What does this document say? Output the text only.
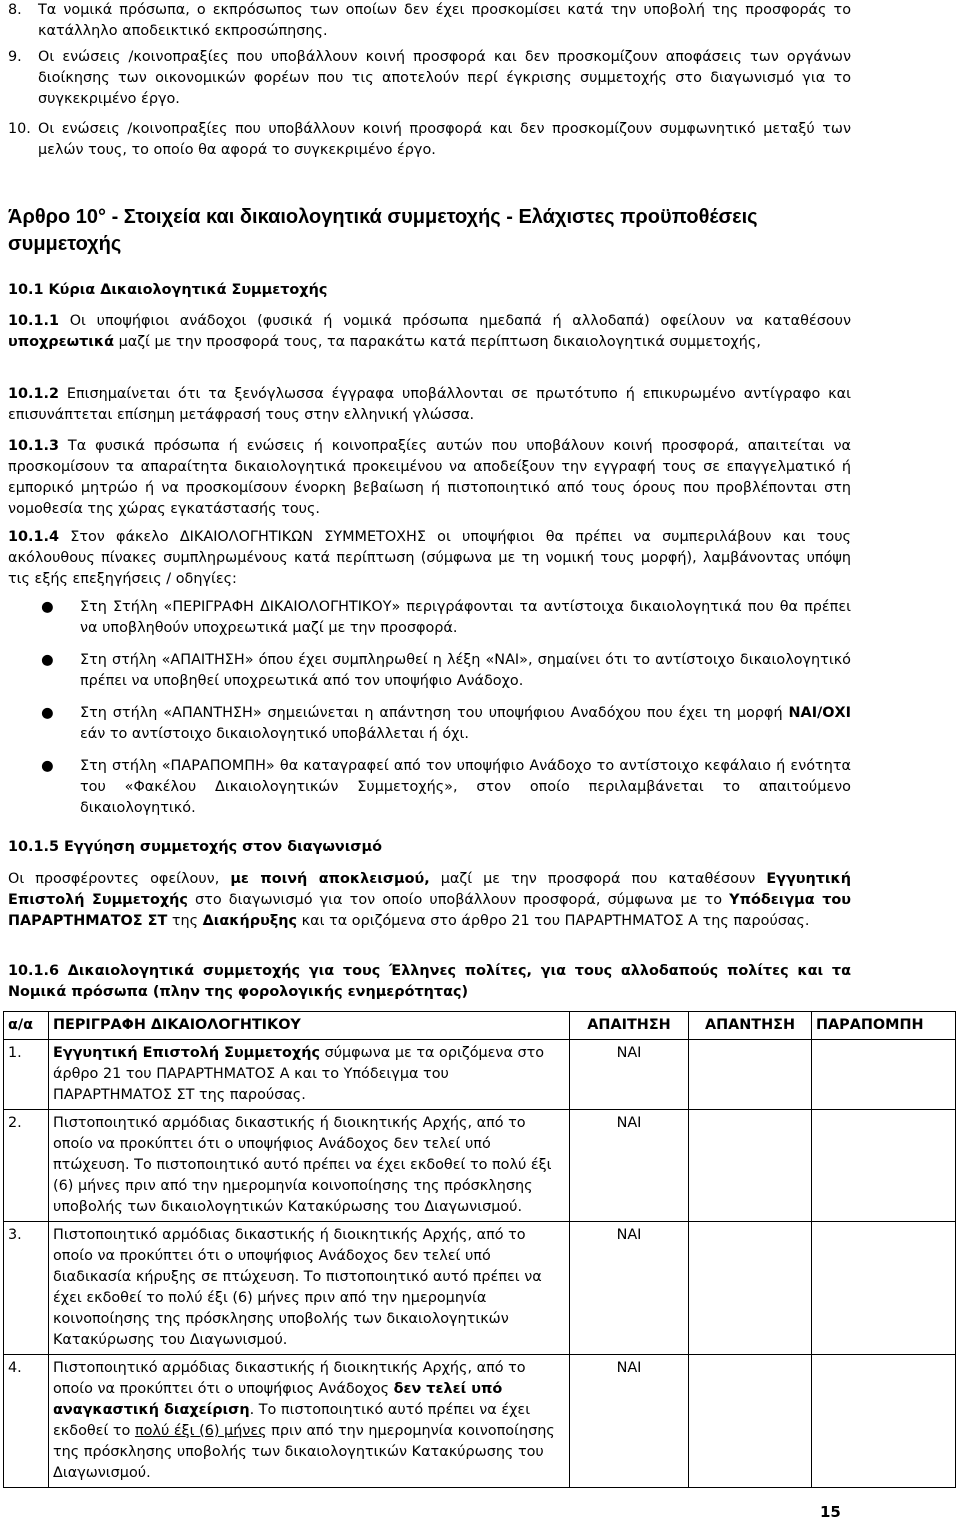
8. Τα νομικά πρόσωπα, ο εκπρόσωπος των οποίων δεν έχει προσκομίσει κατά την υποβολή της προσφοράς το κατάλληλο αποδεικτικό εκπροσώπησης.

9. Οι ενώσεις /κοινοπραξίες που υποβάλλουν κοινή προσφορά και δεν προσκομίζουν αποφάσεις των οργάνων διοίκησης των οικονομικών φορέων που τις αποτελούν περί έγκρισης συμμετοχής στο διαγωνισμό για το συγκεκριμένο έργο.

10. Οι ενώσεις /κοινοπραξίες που υποβάλλουν κοινή προσφορά και δεν προσκομίζουν συμφωνητικό μεταξύ των μελών τους, το οποίο θα αφορά το συγκεκριμένο έργο.

Άρθρο 10° - Στοιχεία και δικαιολογητικά συμμετοχής - Ελάχιστες προϋποθέσεις συμμετοχής

10.1 Κύρια Δικαιολογητικά Συμμετοχής

10.1.1 Οι υποψήφιοι ανάδοχοι (φυσικά ή νομικά πρόσωπα ημεδαπά ή αλλοδαπά) οφείλουν να καταθέσουν υποχρεωτικά μαζί με την προσφορά τους, τα παρακάτω κατά περίπτωση δικαιολογητικά συμμετοχής,

10.1.2 Επισημαίνεται ότι τα ξενόγλωσσα έγγραφα υποβάλλονται σε πρωτότυπο ή επικυρωμένο αντίγραφο και επισυνάπτεται επίσημη μετάφρασή τους στην ελληνική γλώσσα.

10.1.3 Τα φυσικά πρόσωπα ή ενώσεις ή κοινοπραξίες αυτών που υποβάλουν κοινή προσφορά, απαιτείται να προσκομίσουν τα απαραίτητα δικαιολογητικά προκειμένου να αποδείξουν την εγγραφή τους σε επαγγελματικό ή εμπορικό μητρώο ή να προσκομίσουν ένορκη βεβαίωση ή πιστοποιητικό από τους όρους που προβλέπονται στη νομοθεσία της χώρας εγκατάστασής τους.

10.1.4 Στον φάκελο ΔΙΚΑΙΟΛΟΓΗΤΙΚΩΝ ΣΥΜΜΕΤΟΧΗΣ οι υποψήφιοι θα πρέπει να συμπεριλάβουν και τους ακόλουθους πίνακες συμπληρωμένους κατά περίπτωση (σύμφωνα με τη νομική τους μορφή), λαμβάνοντας υπόψη τις εξής επεξηγήσεις / οδηγίες:

● Στη Στήλη «ΠΕΡΙΓΡΑΦΗ ΔΙΚΑΙΟΛΟΓΗΤΙΚΟΥ» περιγράφονται τα αντίστοιχα δικαιολογητικά που θα πρέπει να υποβληθούν υποχρεωτικά μαζί με την προσφορά.
● Στη στήλη «ΑΠΑΙΤΗΣΗ» όπου έχει συμπληρωθεί η λέξη «ΝΑΙ», σημαίνει ότι το αντίστοιχο δικαιολογητικό πρέπει να υποβηθεί υποχρεωτικά από τον υποψήφιο Ανάδοχο.
● Στη στήλη «ΑΠΑΝΤΗΣΗ» σημειώνεται η απάντηση του υποψήφιου Αναδόχου που έχει τη μορφή ΝΑΙ/ΟΧΙ εάν το αντίστοιχο δικαιολογητικό υποβάλλεται ή όχι.
● Στη στήλη «ΠΑΡΑΠΟΜΠΗ» θα καταγραφεί από τον υποψήφιο Ανάδοχο το αντίστοιχο κεφάλαιο ή ενότητα του «Φακέλου Δικαιολογητικών Συμμετοχής», στον οποίο περιλαμβάνεται το απαιτούμενο δικαιολογητικό.

10.1.5 Εγγύηση συμμετοχής στον διαγωνισμό

Οι προσφέροντες οφείλουν, με ποινή αποκλεισμού, μαζί με την προσφορά που καταθέσουν Εγγυητική Επιστολή Συμμετοχής στο διαγωνισμό για τον οποίο υποβάλλουν προσφορά, σύμφωνα με το Υπόδειγμα του ΠΑΡΑΡΤΗΜΑΤΟΣ ΣΤ της Διακήρυξης και τα οριζόμενα στο άρθρο 21 του ΠΑΡΑΡΤΗΜΑΤΟΣ Α της παρούσας.

10.1.6 Δικαιολογητικά συμμετοχής για τους Έλληνες πολίτες, για τους αλλοδαπούς πολίτες και τα Νομικά πρόσωπα (πλην της φορολογικής ενημερότητας)

α/α	ΠΕΡΙΓΡΑΦΗ ΔΙΚΑΙΟΛΟΓΗΤΙΚΟΥ	ΑΠΑΙΤΗΣΗ	ΑΠΑΝΤΗΣΗ	ΠΑΡΑΠΟΜΠΗ
1.	Εγγυητική Επιστολή Συμμετοχής σύμφωνα με τα οριζόμενα στο άρθρο 21 του ΠΑΡΑΡΤΗΜΑΤΟΣ Α και το Υπόδειγμα του ΠΑΡΑΡΤΗΜΑΤΟΣ ΣΤ της παρούσας.	ΝΑΙ		
2.	Πιστοποιητικό αρμόδιας δικαστικής ή διοικητικής Αρχής, από το οποίο να προκύπτει ότι ο υποψήφιος Ανάδοχος δεν τελεί υπό πτώχευση. Το πιστοποιητικό αυτό πρέπει να έχει εκδοθεί το πολύ έξι (6) μήνες πριν από την ημερομηνία κοινοποίησης της πρόσκλησης υποβολής των δικαιολογητικών Κατακύρωσης του Διαγωνισμού.	ΝΑΙ		
3.	Πιστοποιητικό αρμόδιας δικαστικής ή διοικητικής Αρχής, από το οποίο να προκύπτει ότι ο υποψήφιος Ανάδοχος δεν τελεί υπό διαδικασία κήρυξης σε πτώχευση. Το πιστοποιητικό αυτό πρέπει να έχει εκδοθεί το πολύ έξι (6) μήνες πριν από την ημερομηνία κοινοποίησης της πρόσκλησης υποβολής των δικαιολογητικών Κατακύρωσης του Διαγωνισμού.	ΝΑΙ		
4.	Πιστοποιητικό αρμόδιας δικαστικής ή διοικητικής Αρχής, από το οποίο να προκύπτει ότι ο υποψήφιος Ανάδοχος δεν τελεί υπό αναγκαστική διαχείριση. Το πιστοποιητικό αυτό πρέπει να έχει εκδοθεί το πολύ έξι (6) μήνες πριν από την ημερομηνία κοινοποίησης της πρόσκλησης υποβολής των δικαιολογητικών Κατακύρωσης του Διαγωνισμού.	ΝΑΙ		
15
